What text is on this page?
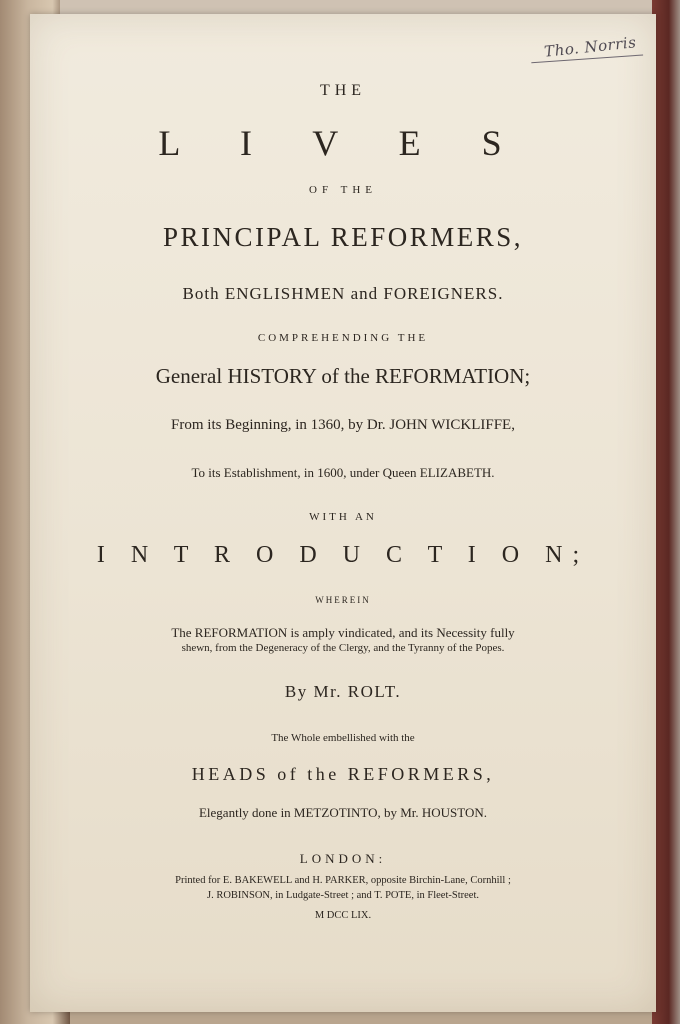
Tho. Norris
THE
L I V E S
OF THE
PRINCIPAL REFORMERS,
Both ENGLISHMEN and FOREIGNERS.
COMPREHENDING THE
General HISTORY of the REFORMATION;
From its Beginning, in 1360, by Dr. JOHN WICKLIFFE,
To its Establishment, in 1600, under Queen ELIZABETH.
WITH AN
I N T R O D U C T I O N;
WHEREIN
The REFORMATION is amply vindicated, and its Necessity fully
shewn, from the Degeneracy of the Clergy, and the Tyranny of the Popes.
By Mr. ROLT.
The Whole embellished with the
HEADS of the REFORMERS,
Elegantly done in METZOTINTO, by Mr. HOUSTON.
LONDON:
Printed for E. BAKEWELL and H. PARKER, opposite Birchin-Lane, Cornhill ;
J. ROBINSON, in Ludgate-Street ; and T. POTE, in Fleet-Street.
M DCC LIX.
